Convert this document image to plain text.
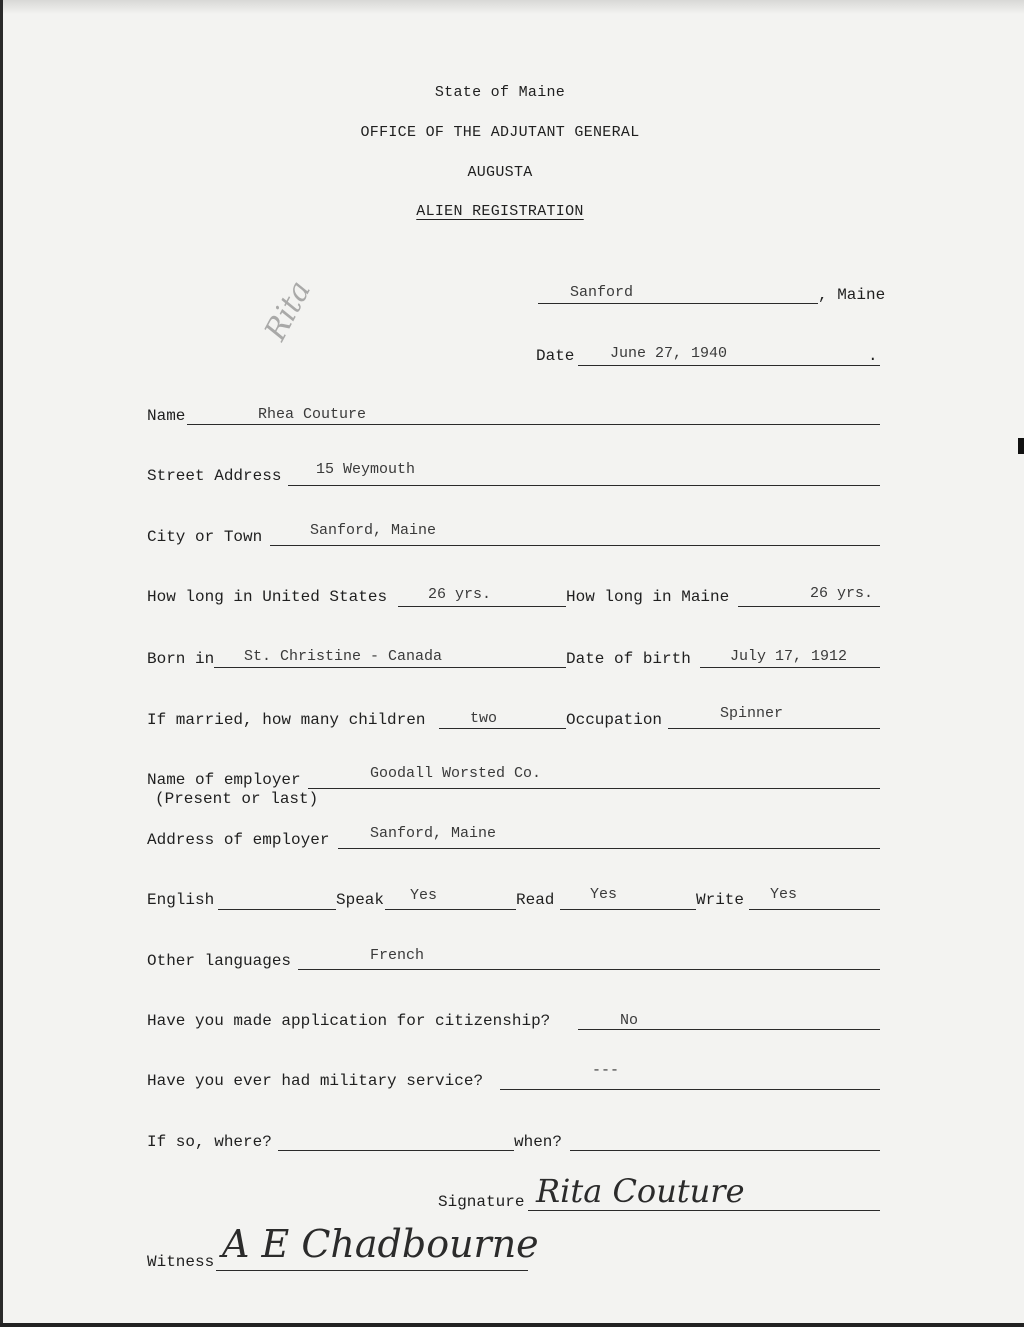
State of Maine
OFFICE OF THE ADJUTANT GENERAL
AUGUSTA
ALIEN REGISTRATION
Sanford	, Maine
Rita
Date June 27, 1940	.
Name	Rhea Couture
Street Address 15 Weymouth
City or Town	Sanford, Maine
How long in United States	26 yrs.	How long in Maine	26 yrs.
Born in St. Christine - Canada	Date of birth	July 17, 1912
If married, how many children	two	Occupation	Spinner
Name of employer
(Present or last)
Goodall Worsted Co.
Address of employer	Sanford, Maine
English	Speak Yes	Read Yes	Write Yes
Other languages	French
Have you made application for citizenship?	No
Have you ever had military service?
---
If so, where?	when?
Signature Rita Couture
Witness A E Chadbourne
